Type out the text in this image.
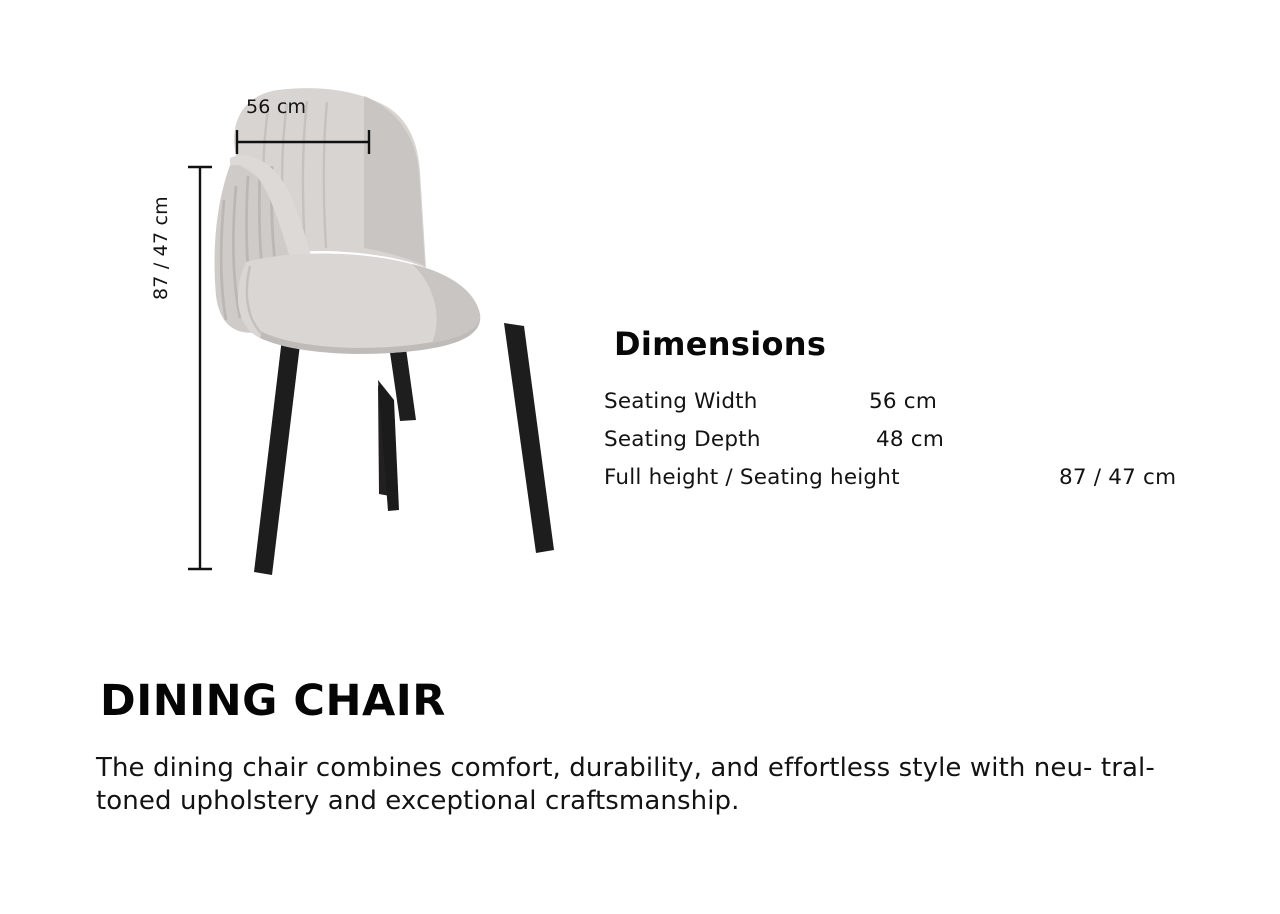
56 cm
87 / 47 cm
Dimensions
Seating Width	56 cm
Seating Depth	48 cm
Full height / Seating height	87 / 47 cm
DINING CHAIR

The dining chair combines comfort, durability, and effortless style with neu- tral-toned upholstery and exceptional craftsmanship.
